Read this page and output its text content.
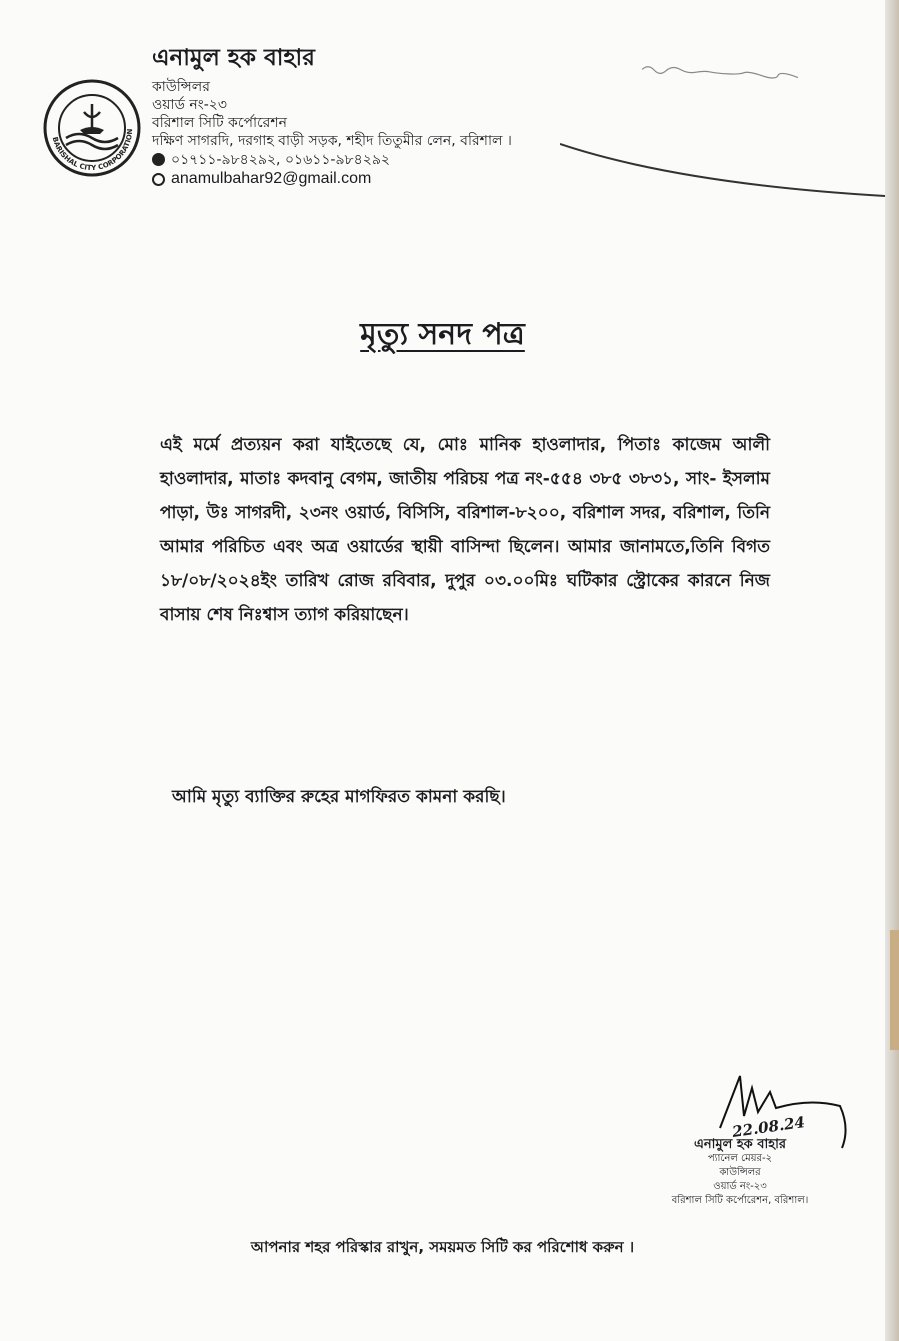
BARISHAL CITY CORPORATION
এনামুল হক বাহার
কাউন্সিলর
ওয়ার্ড নং-২৩
বরিশাল সিটি কর্পোরেশন
দক্ষিণ সাগরদি, দরগাহ বাড়ী সড়ক, শহীদ তিতুমীর লেন, বরিশাল ।
০১৭১১-৯৮৪২৯২, ০১৬১১-৯৮৪২৯২
anamulbahar92@gmail.com
মৃত্যু সনদ পত্র
এই মর্মে প্রত্যয়ন করা যাইতেছে যে, মোঃ মানিক হাওলাদার, পিতাঃ কাজেম আলী হাওলাদার, মাতাঃ কদবানু বেগম, জাতীয় পরিচয় পত্র নং-৫৫৪ ৩৮৫ ৩৮৩১, সাং- ইসলাম পাড়া, উঃ সাগরদী, ২৩নং ওয়ার্ড, বিসিসি, বরিশাল-৮২০০, বরিশাল সদর, বরিশাল, তিনি আমার পরিচিত এবং অত্র ওয়ার্ডের স্থায়ী বাসিন্দা ছিলেন। আমার জানামতে,তিনি বিগত ১৮/০৮/২০২৪ইং তারিখ রোজ রবিবার, দুপুর ০৩.০০মিঃ ঘটিকার স্ট্রোকের কারনে নিজ বাসায় শেষ নিঃশ্বাস ত্যাগ করিয়াছেন।
আমি মৃত্যু ব্যাক্তির রুহের মাগফিরত কামনা করছি।
22.08.24
এনামুল হক বাহার
প্যানেল মেয়র-২
কাউন্সিলর
ওয়ার্ড নং-২৩
বরিশাল সিটি কর্পোরেশন, বরিশাল।
আপনার শহর পরিস্কার রাখুন, সময়মত সিটি কর পরিশোধ করুন ।
